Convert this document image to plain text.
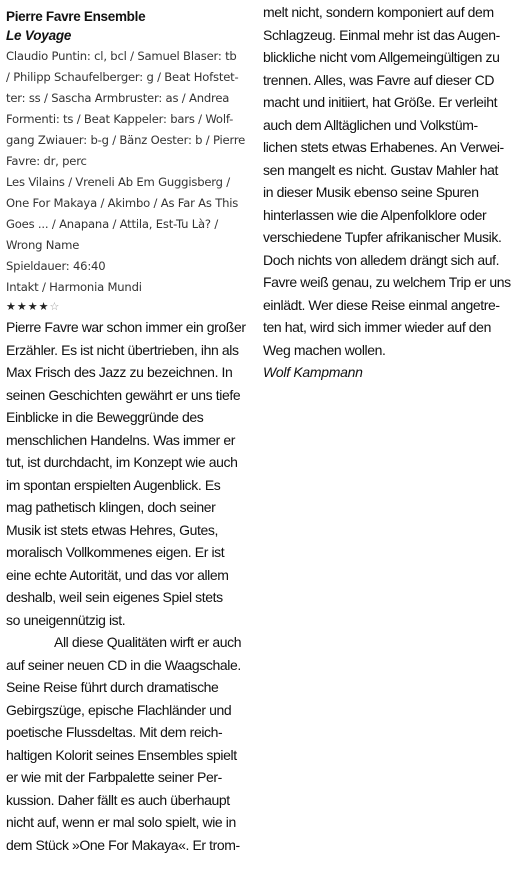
Pierre Favre Ensemble
Le Voyage

Claudio Puntin: cl, bcl / Samuel Blaser: tb

/ Philipp Schaufelberger: g / Beat Hofstet-

ter: ss / Sascha Armbruster: as / Andrea

Formenti: ts / Beat Kappeler: bars / Wolf-

gang Zwiauer: b-g / Bänz Oester: b / Pierre

Favre: dr, perc

Les Vilains / Vreneli Ab Em Guggisberg /

One For Makaya / Akimbo / As Far As This

Goes ... / Anapana / Attila, Est-Tu Là? /

Wrong Name

Spieldauer: 46:40
Intakt / Harmonia Mundi
★★★★☆

Pierre Favre war schon immer ein großer

Erzähler. Es ist nicht übertrieben, ihn als

Max Frisch des Jazz zu bezeichnen. In

seinen Geschichten gewährt er uns tiefe

Einblicke in die Beweggründe des

menschlichen Handelns. Was immer er

tut, ist durchdacht, im Konzept wie auch

im spontan erspielten Augenblick. Es

mag pathetisch klingen, doch seiner

Musik ist stets etwas Hehres, Gutes,

moralisch Vollkommenes eigen. Er ist

eine echte Autorität, und das vor allem

deshalb, weil sein eigenes Spiel stets

so uneigennützig ist.

All diese Qualitäten wirft er auch

auf seiner neuen CD in die Waagschale.

Seine Reise führt durch dramatische

Gebirgszüge, epische Flachländer und

poetische Flussdeltas. Mit dem reich-

haltigen Kolorit seines Ensembles spielt

er wie mit der Farbpalette seiner Per-

kussion. Daher fällt es auch überhaupt

nicht auf, wenn er mal solo spielt, wie in

dem Stück »One For Makaya«. Er trom-

melt nicht, sondern komponiert auf dem

Schlagzeug. Einmal mehr ist das Augen-

blickliche nicht vom Allgemeingültigen zu

trennen. Alles, was Favre auf dieser CD

macht und initiiert, hat Größe. Er verleiht

auch dem Alltäglichen und Volkstüm-

lichen stets etwas Erhabenes. An Verwei-

sen mangelt es nicht. Gustav Mahler hat

in dieser Musik ebenso seine Spuren

hinterlassen wie die Alpenfolklore oder

verschiedene Tupfer afrikanischer Musik.

Doch nichts von alledem drängt sich auf.

Favre weiß genau, zu welchem Trip er uns

einlädt. Wer diese Reise einmal angetre-

ten hat, wird sich immer wieder auf den

Weg machen wollen.

Wolf Kampmann
